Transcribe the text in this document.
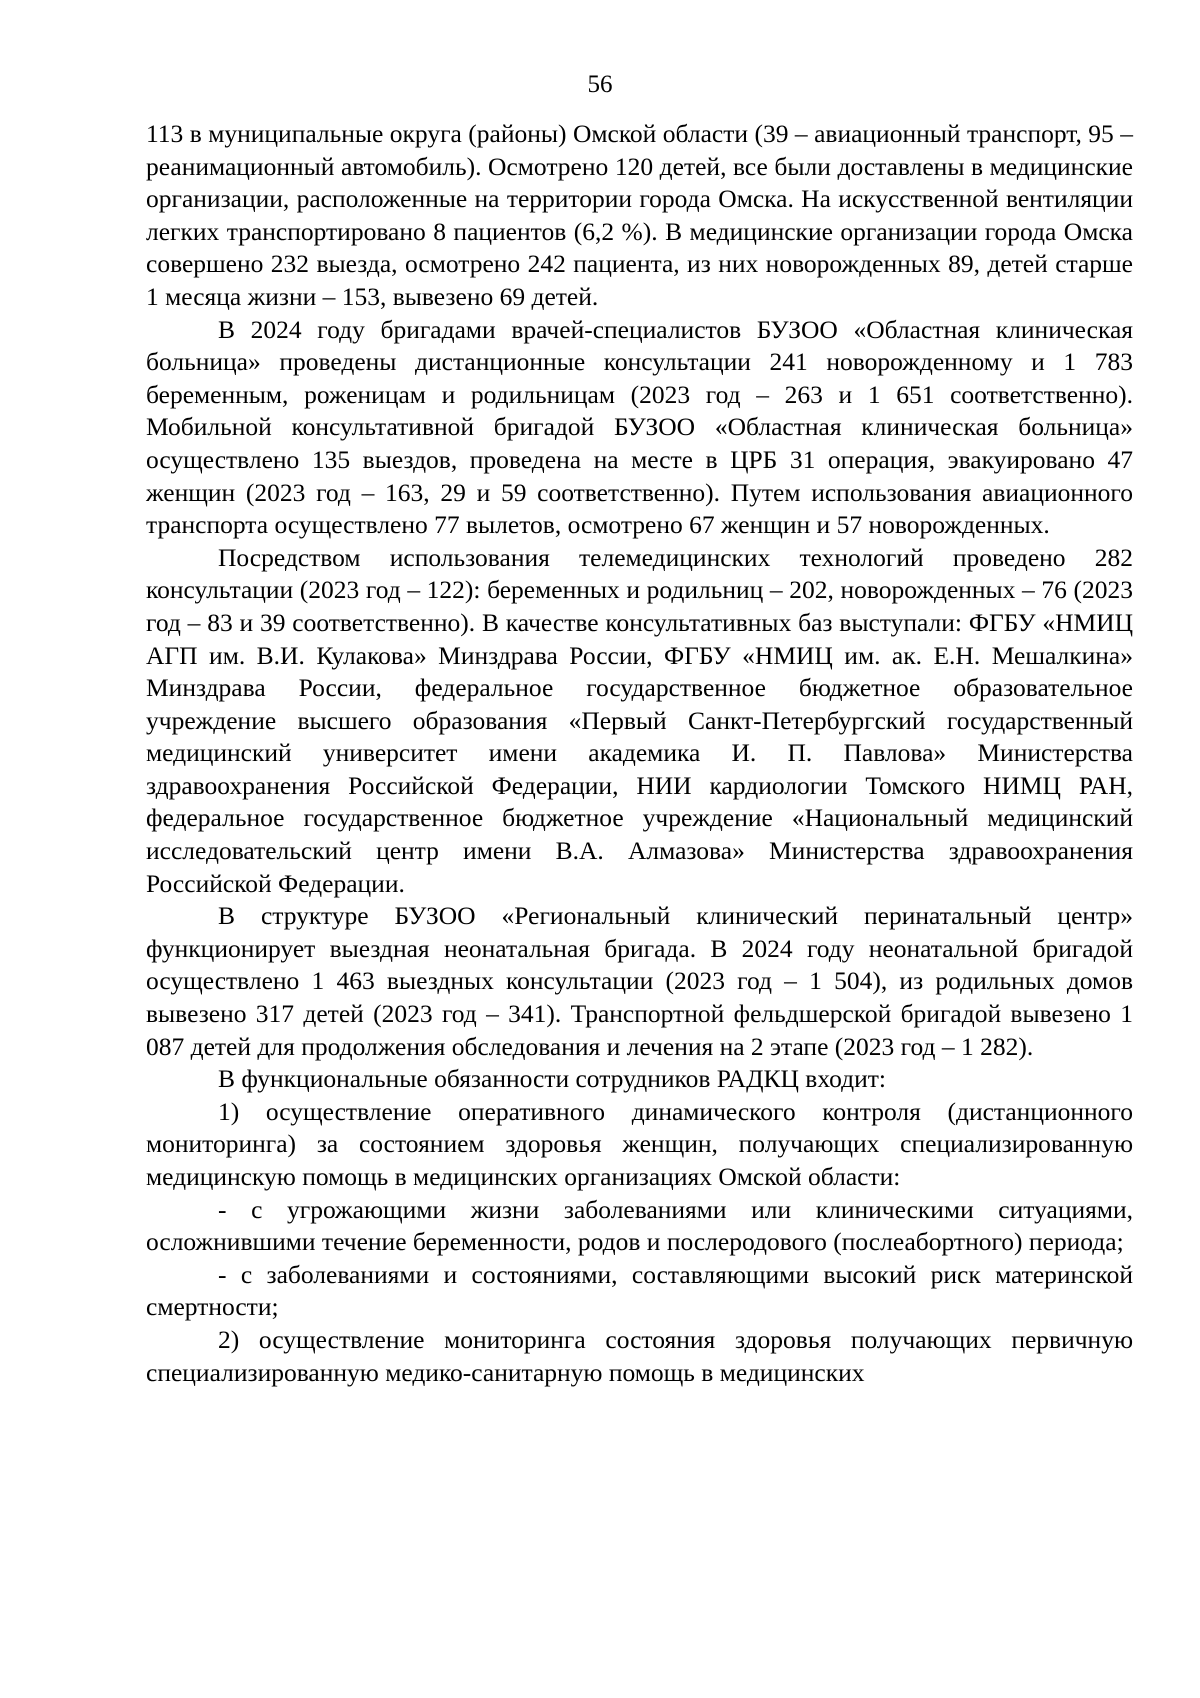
56

113 в муниципальные округа (районы) Омской области (39 – авиационный транспорт, 95 – реанимационный автомобиль). Осмотрено 120 детей, все были доставлены в медицинские организации, расположенные на территории города Омска. На искусственной вентиляции легких транспортировано 8 пациентов (6,2 %). В медицинские организации города Омска совершено 232 выезда, осмотрено 242 пациента, из них новорожденных 89, детей старше 1 месяца жизни – 153, вывезено 69 детей.

В 2024 году бригадами врачей-специалистов БУЗОО «Областная клиническая больница» проведены дистанционные консультации 241 новорожденному и 1 783 беременным, роженицам и родильницам (2023 год – 263 и 1 651 соответственно). Мобильной консультативной бригадой БУЗОО «Областная клиническая больница» осуществлено 135 выездов, проведена на месте в ЦРБ 31 операция, эвакуировано 47 женщин (2023 год – 163, 29 и 59 соответственно). Путем использования авиационного транспорта осуществлено 77 вылетов, осмотрено 67 женщин и 57 новорожденных.

Посредством использования телемедицинских технологий проведено 282 консультации (2023 год – 122): беременных и родильниц – 202, новорожденных – 76 (2023 год – 83 и 39 соответственно). В качестве консультативных баз выступали: ФГБУ «НМИЦ АГП им. В.И. Кулакова» Минздрава России, ФГБУ «НМИЦ им. ак. Е.Н. Мешалкина» Минздрава России, федеральное государственное бюджетное образовательное учреждение высшего образования «Первый Санкт-Петербургский государственный медицинский университет имени академика И. П. Павлова» Министерства здравоохранения Российской Федерации, НИИ кардиологии Томского НИМЦ РАН, федеральное государственное бюджетное учреждение «Национальный медицинский исследовательский центр имени В.А. Алмазова» Министерства здравоохранения Российской Федерации.

В структуре БУЗОО «Региональный клинический перинатальный центр» функционирует выездная неонатальная бригада. В 2024 году неонатальной бригадой осуществлено 1 463 выездных консультации (2023 год – 1 504), из родильных домов вывезено 317 детей (2023 год – 341). Транспортной фельдшерской бригадой вывезено 1 087 детей для продолжения обследования и лечения на 2 этапе (2023 год – 1 282).

В функциональные обязанности сотрудников РАДКЦ входит:

1) осуществление оперативного динамического контроля (дистанционного мониторинга) за состоянием здоровья женщин, получающих специализированную медицинскую помощь в медицинских организациях Омской области:

- с угрожающими жизни заболеваниями или клиническими ситуациями, осложнившими течение беременности, родов и послеродового (послеабортного) периода;

- с заболеваниями и состояниями, составляющими высокий риск материнской смертности;

2) осуществление мониторинга состояния здоровья получающих первичную специализированную медико-санитарную помощь в медицинских
